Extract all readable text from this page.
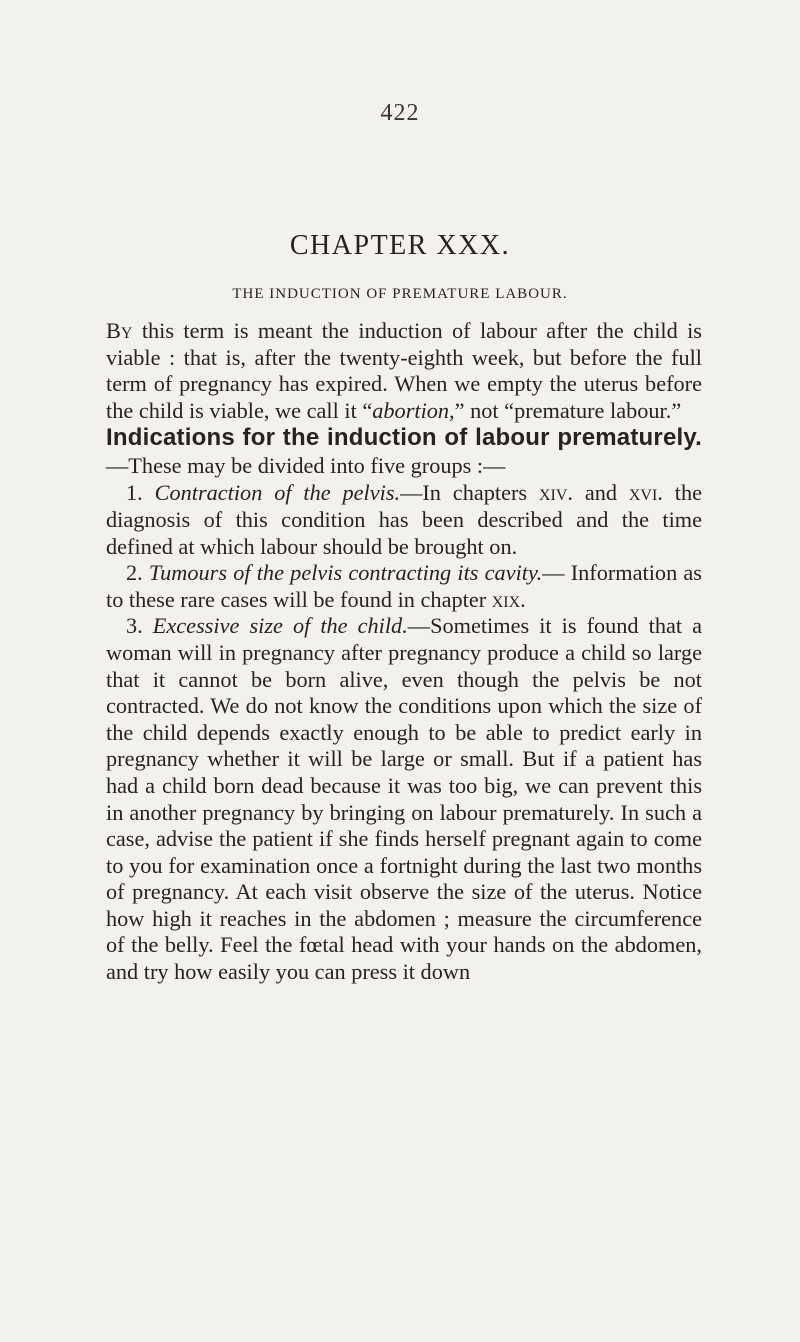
422
CHAPTER XXX.
THE INDUCTION OF PREMATURE LABOUR.

By this term is meant the induction of labour after the child is viable : that is, after the twenty-eighth week, but before the full term of pregnancy has expired. When we empty the uterus before the child is viable, we call it “abortion,” not “premature labour.”

Indications for the induction of labour prematurely.—These may be divided into five groups :—

1. Contraction of the pelvis.—In chapters xiv. and xvi. the diagnosis of this condition has been described and the time defined at which labour should be brought on.

2. Tumours of the pelvis contracting its cavity.— Information as to these rare cases will be found in chapter xix.

3. Excessive size of the child.—Sometimes it is found that a woman will in pregnancy after pregnancy produce a child so large that it cannot be born alive, even though the pelvis be not contracted. We do not know the conditions upon which the size of the child depends exactly enough to be able to predict early in pregnancy whether it will be large or small. But if a patient has had a child born dead because it was too big, we can prevent this in another pregnancy by bringing on labour prematurely. In such a case, advise the patient if she finds herself pregnant again to come to you for examination once a fortnight during the last two months of pregnancy. At each visit observe the size of the uterus. Notice how high it reaches in the abdomen ; measure the circumference of the belly. Feel the fœtal head with your hands on the abdomen, and try how easily you can press it down
